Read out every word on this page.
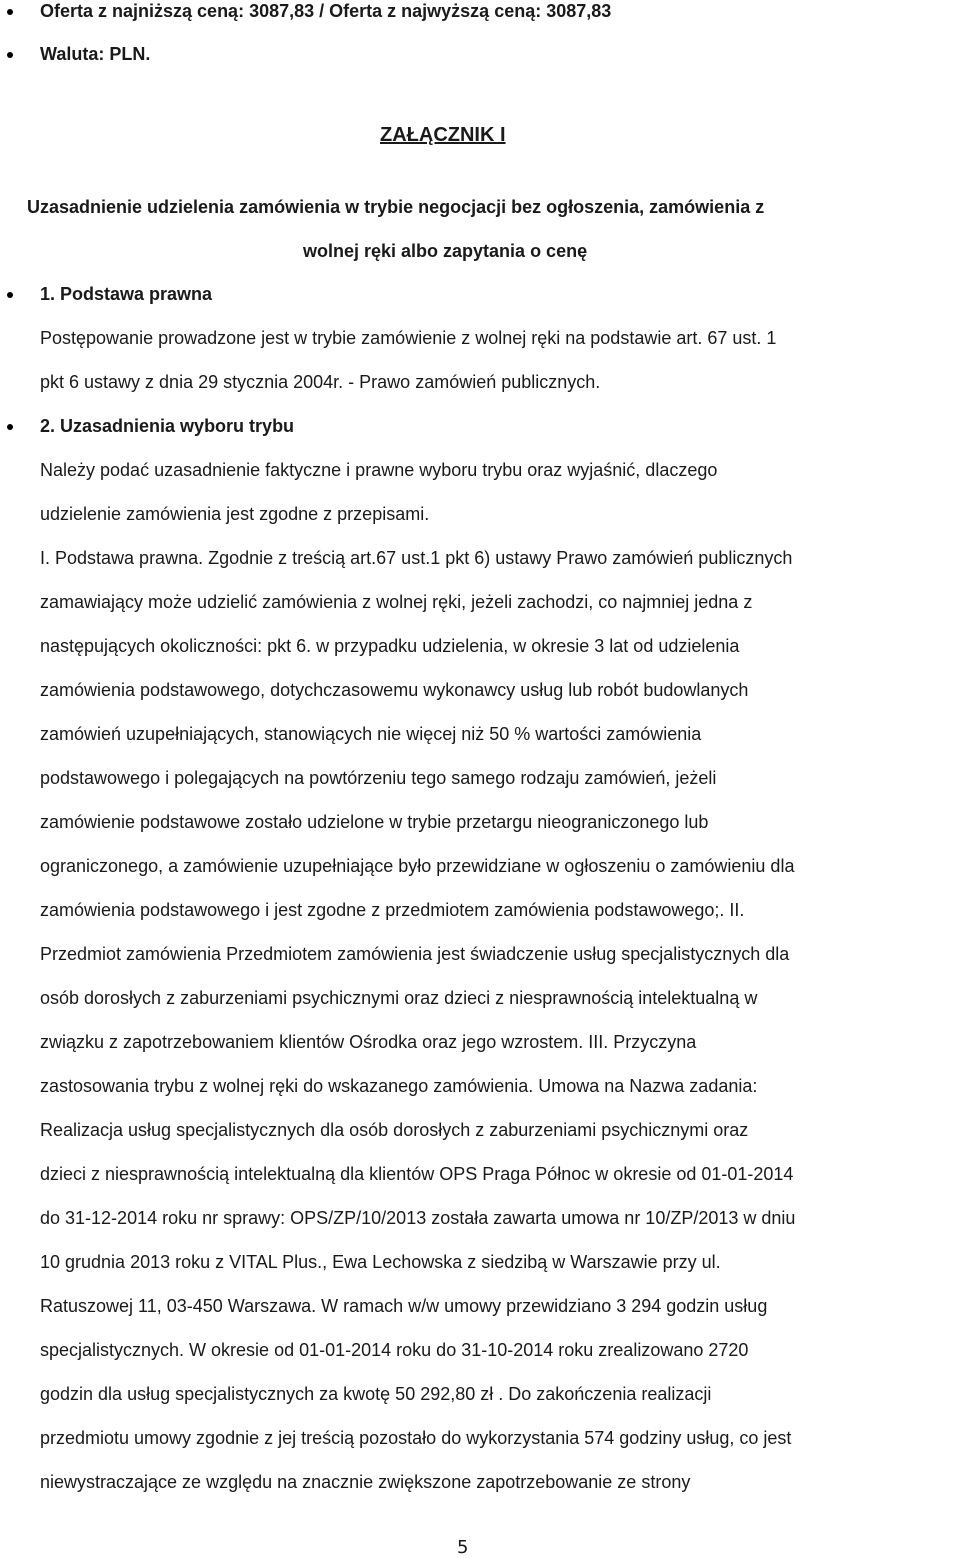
Oferta z najniższą ceną: 3087,83 / Oferta z najwyższą ceną: 3087,83
Waluta: PLN.
ZAŁĄCZNIK I
Uzasadnienie udzielenia zamówienia w trybie negocjacji bez ogłoszenia, zamówienia z
wolnej ręki albo zapytania o cenę
1. Podstawa prawna
Postępowanie prowadzone jest w trybie zamówienie z wolnej ręki na podstawie art. 67 ust. 1
pkt 6 ustawy z dnia 29 stycznia 2004r. - Prawo zamówień publicznych.
2. Uzasadnienia wyboru trybu
Należy podać uzasadnienie faktyczne i prawne wyboru trybu oraz wyjaśnić, dlaczego
udzielenie zamówienia jest zgodne z przepisami.
I. Podstawa prawna. Zgodnie z treścią art.67 ust.1 pkt 6) ustawy Prawo zamówień publicznych
zamawiający może udzielić zamówienia z wolnej ręki, jeżeli zachodzi, co najmniej jedna z
następujących okoliczności: pkt 6. w przypadku udzielenia, w okresie 3 lat od udzielenia
zamówienia podstawowego, dotychczasowemu wykonawcy usług lub robót budowlanych
zamówień uzupełniających, stanowiących nie więcej niż 50 % wartości zamówienia
podstawowego i polegających na powtórzeniu tego samego rodzaju zamówień, jeżeli
zamówienie podstawowe zostało udzielone w trybie przetargu nieograniczonego lub
ograniczonego, a zamówienie uzupełniające było przewidziane w ogłoszeniu o zamówieniu dla
zamówienia podstawowego i jest zgodne z przedmiotem zamówienia podstawowego;. II.
Przedmiot zamówienia Przedmiotem zamówienia jest świadczenie usług specjalistycznych dla
osób dorosłych z zaburzeniami psychicznymi oraz dzieci z niesprawnością intelektualną w
związku z zapotrzebowaniem klientów Ośrodka oraz jego wzrostem. III. Przyczyna
zastosowania trybu z wolnej ręki do wskazanego zamówienia. Umowa na Nazwa zadania:
Realizacja usług specjalistycznych dla osób dorosłych z zaburzeniami psychicznymi oraz
dzieci z niesprawnością intelektualną dla klientów OPS Praga Północ w okresie od 01-01-2014
do 31-12-2014 roku nr sprawy: OPS/ZP/10/2013 została zawarta umowa nr 10/ZP/2013 w dniu
10 grudnia 2013 roku z VITAL Plus., Ewa Lechowska z siedzibą w Warszawie przy ul.
Ratuszowej 11, 03-450 Warszawa. W ramach w/w umowy przewidziano 3 294 godzin usług
specjalistycznych. W okresie od 01-01-2014 roku do 31-10-2014 roku zrealizowano 2720
godzin dla usług specjalistycznych za kwotę 50 292,80 zł . Do zakończenia realizacji
przedmiotu umowy zgodnie z jej treścią pozostało do wykorzystania 574 godziny usług, co jest
niewystraczające ze względu na znacznie zwiększone zapotrzebowanie ze strony
5
